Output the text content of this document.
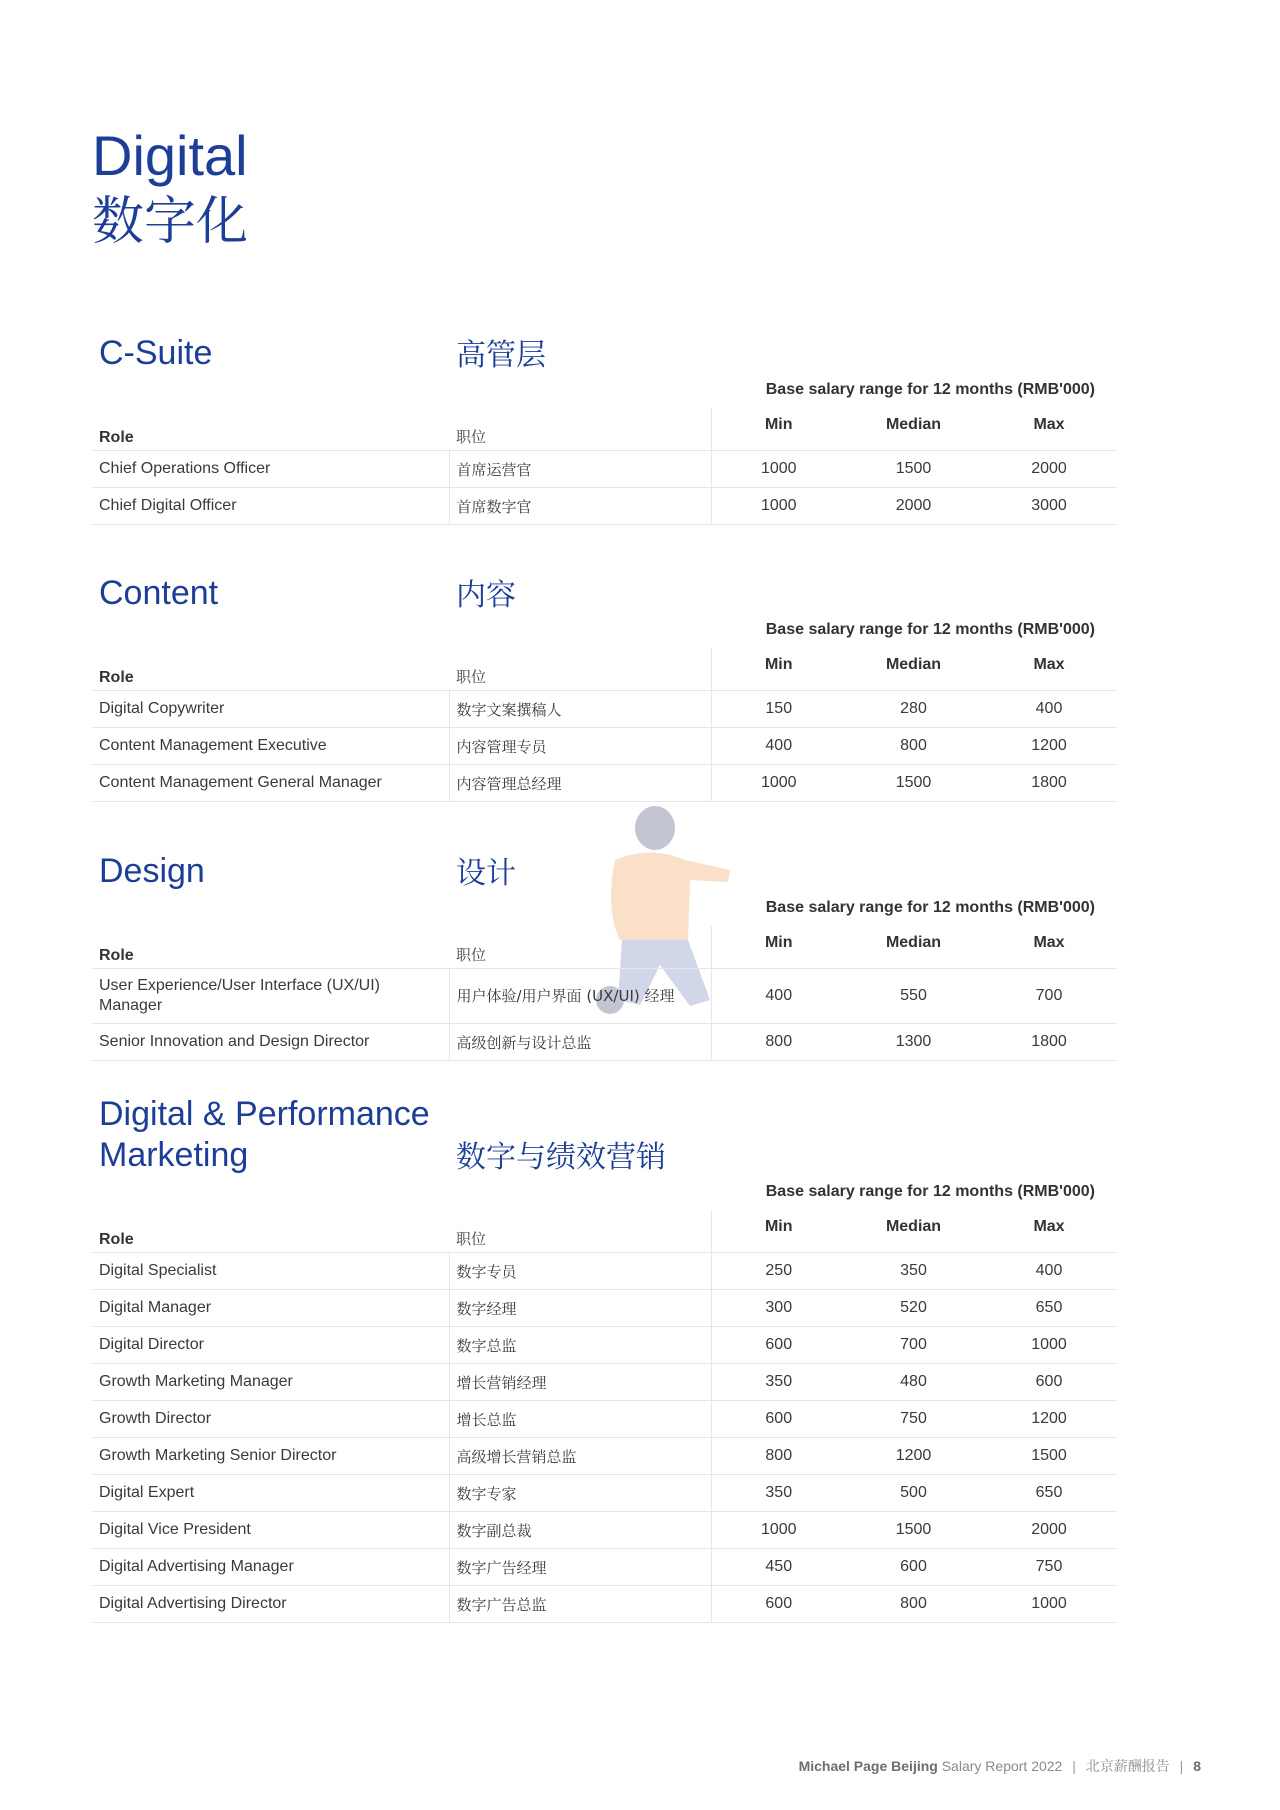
Digital
数字化
C-Suite	高管层
Base salary range for 12 months (RMB'000)
Role	职位	Min	Median	Max
Chief Operations Officer	首席运营官	1000	1500	2000
Chief Digital Officer	首席数字官	1000	2000	3000
Content	内容
Base salary range for 12 months (RMB'000)
Role	职位	Min	Median	Max
Digital Copywriter	数字文案撰稿人	150	280	400
Content Management Executive	内容管理专员	400	800	1200
Content Management General Manager	内容管理总经理	1000	1500	1800
Design	设计
Base salary range for 12 months (RMB'000)
Role	职位	Min	Median	Max
User Experience/User Interface (UX/UI) Manager	用户体验/用户界面 (UX/UI) 经理	400	550	700
Senior Innovation and Design Director	高级创新与设计总监	800	1300	1800
Digital & Performance
Marketing	数字与绩效营销
Base salary range for 12 months (RMB'000)
Role	职位	Min	Median	Max
Digital Specialist	数字专员	250	350	400
Digital Manager	数字经理	300	520	650
Digital Director	数字总监	600	700	1000
Growth Marketing Manager	增长营销经理	350	480	600
Growth Director	增长总监	600	750	1200
Growth Marketing Senior Director	高级增长营销总监	800	1200	1500
Digital Expert	数字专家	350	500	650
Digital Vice President	数字副总裁	1000	1500	2000
Digital Advertising Manager	数字广告经理	450	600	750
Digital Advertising Director	数字广告总监	600	800	1000
Michael Page Beijing Salary Report 2022 | 北京薪酬报告 | 8
